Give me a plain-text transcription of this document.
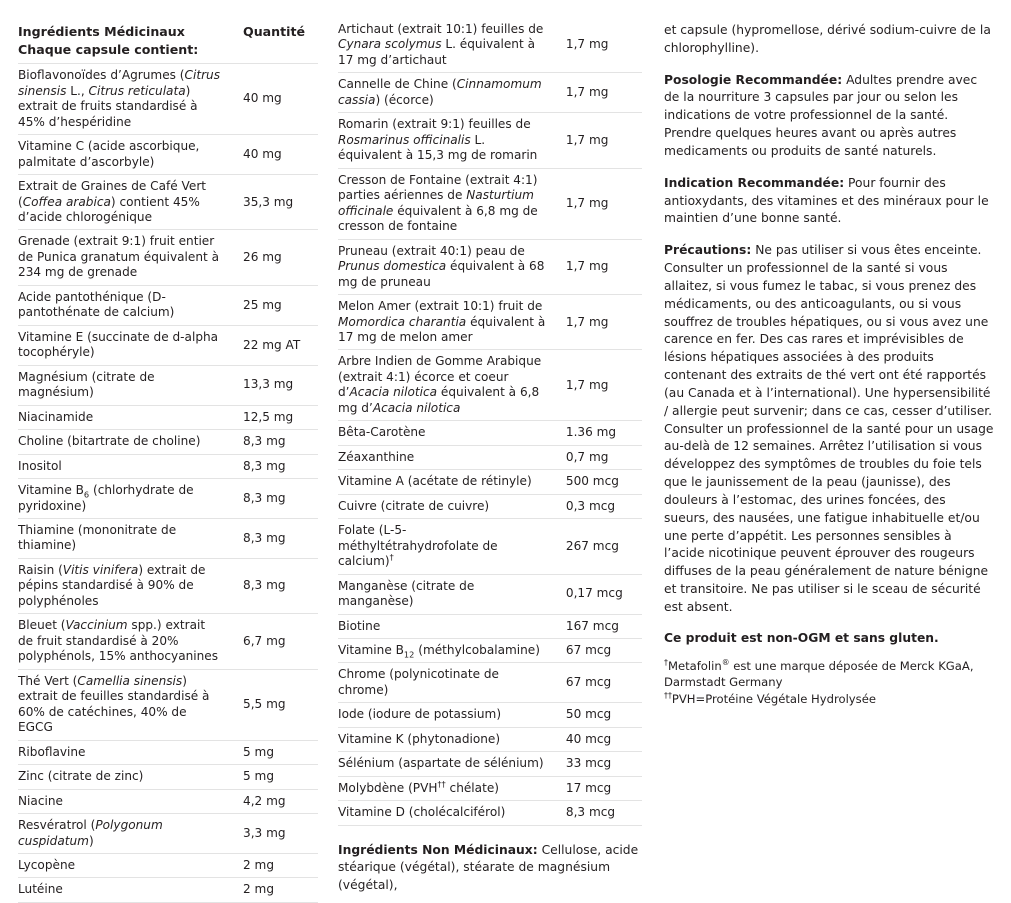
Ingrédients Médicinaux	Quantité
Chaque capsule contient:	
Bioflavonoïdes d’Agrumes (Citrus sinensis L., Citrus reticulata) extrait de fruits standardisé à 45% d’hespéridine	40 mg
Vitamine C (acide ascorbique, palmitate d’ascorbyle)	40 mg
Extrait de Graines de Café Vert (Coffea arabica) contient 45% d’acide chlorogénique	35,3 mg
Grenade (extrait 9:1) fruit entier de Punica granatum équivalent à 234 mg de grenade	26 mg
Acide pantothénique (D-pantothénate de calcium)	25 mg
Vitamine E (succinate de d-alpha tocophéryle)	22 mg AT
Magnésium (citrate de magnésium)	13,3 mg
Niacinamide	12,5 mg
Choline (bitartrate de choline)	8,3 mg
Inositol	8,3 mg
Vitamine $B_6$ (chlorhydrate de pyridoxine)	8,3 mg
Thiamine (mononitrate de thiamine)	8,3 mg
Raisin (Vitis vinifera) extrait de pépins standardisé à 90% de polyphénoles	8,3 mg
Bleuet (Vaccinium spp.) extrait de fruit standardisé à 20% polyphénols, 15% anthocyanines	6,7 mg
Thé Vert (Camellia sinensis) extrait de feuilles standardisé à 60% de catéchines, 40% de EGCG	5,5 mg
Riboflavine	5 mg
Zinc (citrate de zinc)	5 mg
Niacine	4,2 mg
Resvératrol (Polygonum cuspidatum)	3,3 mg
Lycopène	2 mg
Lutéine	2 mg
Artichaut (extrait 10:1) feuilles de Cynara scolymus L. équivalent à 17 mg d’artichaut	1,7 mg
Cannelle de Chine (Cinnamomum cassia) (écorce)	1,7 mg
Romarin (extrait 9:1) feuilles de Rosmarinus officinalis L. équivalent à 15,3 mg de romarin	1,7 mg
Cresson de Fontaine (extrait 4:1) parties aériennes de Nasturtium officinale équivalent à 6,8 mg de cresson de fontaine	1,7 mg
Pruneau (extrait 40:1) peau de Prunus domestica équivalent à 68 mg de pruneau	1,7 mg
Melon Amer (extrait 10:1) fruit de Momordica charantia équivalent à 17 mg de melon amer	1,7 mg
Arbre Indien de Gomme Arabique (extrait 4:1) écorce et coeur d’Acacia nilotica équivalent à 6,8 mg d’Acacia nilotica	1,7 mg
Bêta-Carotène	1.36 mg
Zéaxanthine	0,7 mg
Vitamine A (acétate de rétinyle)	500 mcg
Cuivre (citrate de cuivre)	0,3 mcg
Folate (L-5-méthyltétrahydrofolate de calcium)†	267 mcg
Manganèse (citrate de manganèse)	0,17 mcg
Biotine	167 mcg
Vitamine $B_{12}$ (méthylcobalamine)	67 mcg
Chrome (polynicotinate de chrome)	67 mcg
Iode (iodure de potassium)	50 mcg
Vitamine K (phytonadione)	40 mcg
Sélénium (aspartate de sélénium)	33 mcg
Molybdène (PVH†† chélate)	17 mcg
Vitamine D (cholécalciférol)	8,3 mcg

Ingrédients Non Médicinaux: Cellulose, acide stéarique (végétal), stéarate de magnésium (végétal),

et capsule (hypromellose, dérivé sodium-cuivre de la chlorophylline).

Posologie Recommandée: Adultes prendre avec de la nourriture 3 capsules par jour ou selon les indications de votre professionnel de la santé. Prendre quelques heures avant ou après autres medicaments ou produits de santé naturels.

Indication Recommandée: Pour fournir des antioxydants, des vitamines et des minéraux pour le maintien d’une bonne santé.

Précautions: Ne pas utiliser si vous êtes enceinte. Consulter un professionnel de la santé si vous allaitez, si vous fumez le tabac, si vous prenez des médicaments, ou des anticoagulants, ou si vous souffrez de troubles hépatiques, ou si vous avez une carence en fer. Des cas rares et imprévisibles de lésions hépatiques associées à des produits contenant des extraits de thé vert ont été rapportés (au Canada et à l’international). Une hypersensibilité / allergie peut survenir; dans ce cas, cesser d’utiliser. Consulter un professionnel de la santé pour un usage au-delà de 12 semaines. Arrêtez l’utilisation si vous développez des symptômes de troubles du foie tels que le jaunissement de la peau (jaunisse), des douleurs à l’estomac, des urines foncées, des sueurs, des nausées, une fatigue inhabituelle et/ou une perte d’appétit. Les personnes sensibles à l’acide nicotinique peuvent éprouver des rougeurs diffuses de la peau généralement de nature bénigne et transitoire. Ne pas utiliser si le sceau de sécurité est absent.

Ce produit est non-OGM et sans gluten.

†Metafolin® est une marque déposée de Merck KGaA, Darmstadt Germany
††PVH=Protéine Végétale Hydrolysée
